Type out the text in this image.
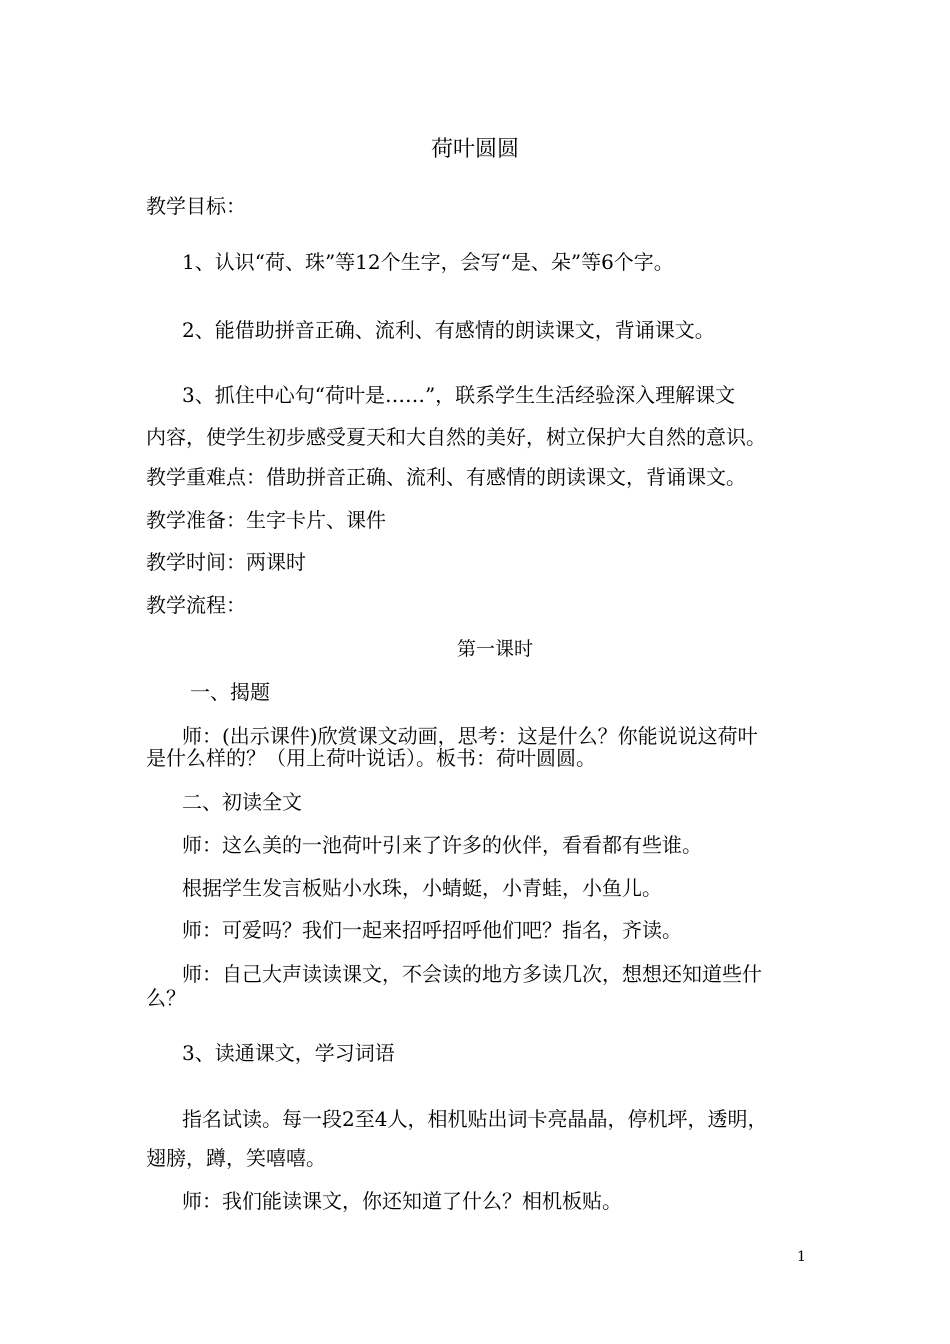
荷叶圆圆
教学目标：
1、认识“荷、珠”等12个生字，会写“是、朵”等6个字。
2、能借助拼音正确、流利、有感情的朗读课文，背诵课文。
3、抓住中心句“荷叶是……”，联系学生生活经验深入理解课文
内容，使学生初步感受夏天和大自然的美好，树立保护大自然的意识。
教学重难点：借助拼音正确、流利、有感情的朗读课文，背诵课文。
教学准备：生字卡片、课件
教学时间：两课时
教学流程：
第一课时
一、揭题
师：(出示课件)欣赏课文动画，思考：这是什么？你能说说这荷叶
是什么样的？（用上荷叶说话）。板书：荷叶圆圆。
二、初读全文
师：这么美的一池荷叶引来了许多的伙伴，看看都有些谁。
根据学生发言板贴小水珠，小蜻蜓，小青蛙，小鱼儿。
师：可爱吗？我们一起来招呼招呼他们吧？指名，齐读。
师：自己大声读读课文，不会读的地方多读几次，想想还知道些什
么？
3、读通课文，学习词语
指名试读。每一段2至4人，相机贴出词卡亮晶晶，停机坪，透明，
翅膀，蹲，笑嘻嘻。
师：我们能读课文，你还知道了什么？相机板贴。
1
